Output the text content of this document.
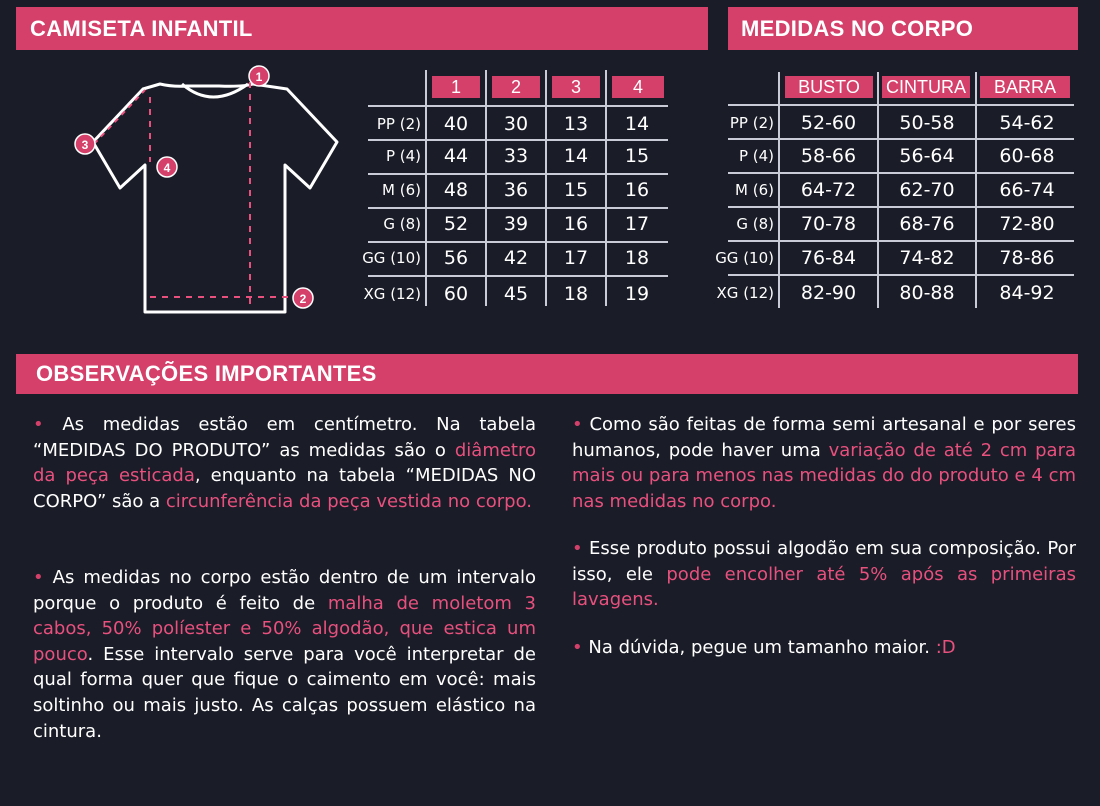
CAMISETA INFANTIL	MEDIDAS NO CORPO
OBSERVAÇÕES IMPORTANTES
1
2
3
4
1	2	3	4
PP (2)	40	30	13	14
P (4)	44	33	14	15
M (6)	48	36	15	16
G (8)	52	39	16	17
GG (10)	56	42	17	18
XG (12)	60	45	18	19
BUSTO	CINTURA	BARRA
PP (2)	52-60	50-58	54-62
P (4)	58-66	56-64	60-68
M (6)	64-72	62-70	66-74
G (8)	70-78	68-76	72-80
GG (10)	76-84	74-82	78-86
XG (12)	82-90	80-88	84-92
• As medidas estão em centímetro. Na tabela “MEDIDAS DO PRODUTO” as medidas são o diâmetro da peça esticada, enquanto na tabela “MEDIDAS NO CORPO” são a circunferência da peça vestida no corpo.
• As medidas no corpo estão dentro de um intervalo porque o produto é feito de malha de moletom 3 cabos, 50% políester e 50% algodão, que estica um pouco. Esse intervalo serve para você interpretar de qual forma quer que fique o caimento em você: mais soltinho ou mais justo. As calças possuem elástico na cintura.
• Como são feitas de forma semi artesanal e por seres humanos, pode haver uma variação de até 2 cm para mais ou para menos nas medidas do do produto e 4 cm nas medidas no corpo.
• Esse produto possui algodão em sua composição. Por isso, ele pode encolher até 5% após as primeiras lavagens.
• Na dúvida, pegue um tamanho maior. :D
